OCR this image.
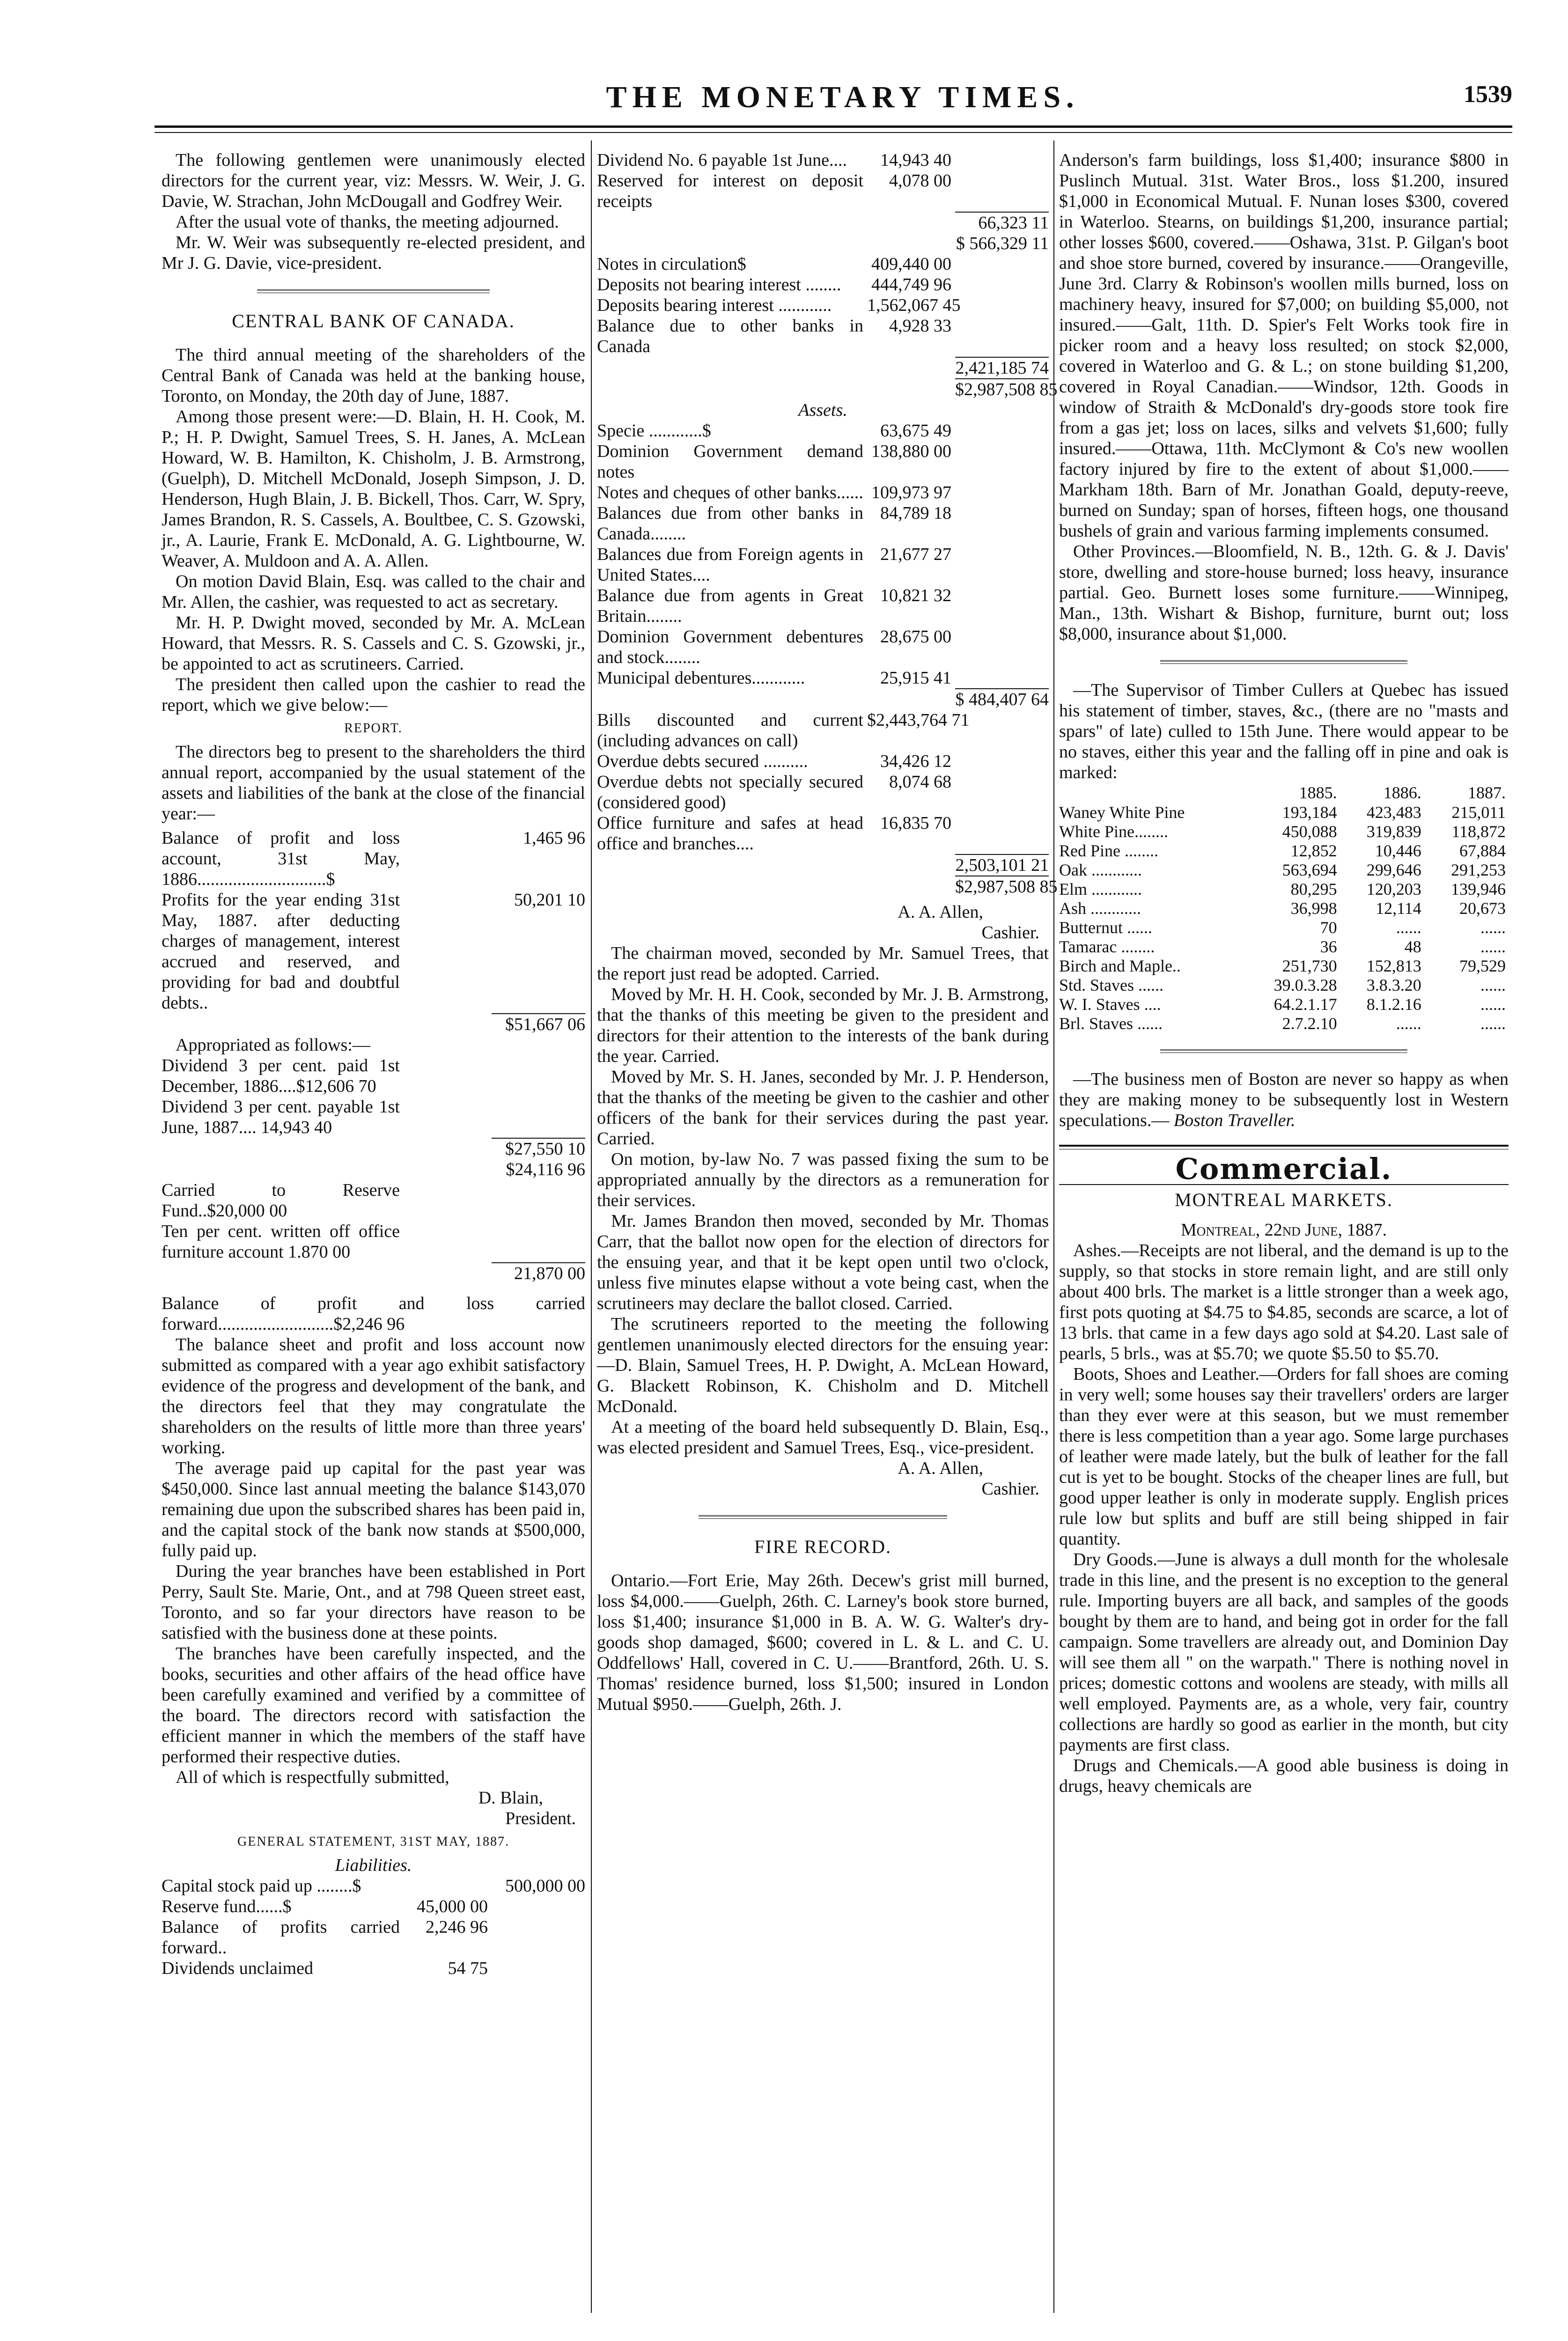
THE MONETARY TIMES.	1539

The following gentlemen were unanimously elected directors for the current year, viz: Messrs. W. Weir, J. G. Davie, W. Strachan, John McDougall and Godfrey Weir.

After the usual vote of thanks, the meeting adjourned.

Mr. W. Weir was subsequently re-elected president, and Mr J. G. Davie, vice-president.

CENTRAL BANK OF CANADA.

The third annual meeting of the shareholders of the Central Bank of Canada was held at the banking house, Toronto, on Monday, the 20th day of June, 1887.

Among those present were:—D. Blain, H. H. Cook, M. P.; H. P. Dwight, Samuel Trees, S. H. Janes, A. McLean Howard, W. B. Hamilton, K. Chisholm, J. B. Armstrong, (Guelph), D. Mitchell McDonald, Joseph Simpson, J. D. Henderson, Hugh Blain, J. B. Bickell, Thos. Carr, W. Spry, James Brandon, R. S. Cassels, A. Boultbee, C. S. Gzowski, jr., A. Laurie, Frank E. McDonald, A. G. Lightbourne, W. Weaver, A. Muldoon and A. A. Allen.

On motion David Blain, Esq. was called to the chair and Mr. Allen, the cashier, was requested to act as secretary.

Mr. H. P. Dwight moved, seconded by Mr. A. McLean Howard, that Messrs. R. S. Cassels and C. S. Gzowski, jr., be appointed to act as scrutineers. Carried.

The president then called upon the cashier to read the report, which we give below:—

REPORT.

The directors beg to present to the shareholders the third annual report, accompanied by the usual statement of the assets and liabilities of the bank at the close of the financial year:—

Balance of profit and loss account, 31st May, 1886.............................$
1,465 96
Profits for the year ending 31st May, 1887. after deducting charges of management, interest accrued and reserved, and providing for bad and doubtful debts..
50,201 10
$51,667 06

Appropriated as follows:—

Dividend 3 per cent. paid 1st December, 1886....$12,606 70
Dividend 3 per cent. payable 1st June, 1887.... 14,943 40
$27,550 10
$24,116 96
Carried to Reserve Fund..$20,000 00
Ten per cent. written off office furniture account 1.870 00
21,870 00

Balance of profit and loss carried forward..........................$2,246 96

The balance sheet and profit and loss account now submitted as compared with a year ago exhibit satisfactory evidence of the progress and development of the bank, and the directors feel that they may congratulate the shareholders on the results of little more than three years' working.

The average paid up capital for the past year was $450,000. Since last annual meeting the balance $143,070 remaining due upon the subscribed shares has been paid in, and the capital stock of the bank now stands at $500,000, fully paid up.

During the year branches have been established in Port Perry, Sault Ste. Marie, Ont., and at 798 Queen street east, Toronto, and so far your directors have reason to be satisfied with the business done at these points.

The branches have been carefully inspected, and the books, securities and other affairs of the head office have been carefully examined and verified by a committee of the board. The directors record with satisfaction the efficient manner in which the members of the staff have performed their respective duties.

All of which is respectfully submitted,

D. Blain,
President.
GENERAL STATEMENT, 31ST MAY, 1887.
Liabilities.
Capital stock paid up ........$	500,000 00
Reserve fund......$	45,000 00
Balance of profits carried forward..
2,246 96
Dividends unclaimed	54 75
Dividend No. 6 payable 1st June....	14,943 40
Reserved for interest on deposit receipts
4,078 00
66,323 11
$ 566,329 11
Notes in circulation$	409,440 00
Deposits not bearing interest ........	444,749 96
Deposits bearing interest ............	1,562,067 45
Balance due to other banks in Canada
4,928 33
2,421,185 74
$2,987,508 85
Assets.
Specie ............$	63,675 49
Dominion Government demand notes
138,880 00
Notes and cheques of other banks...... 109,973 97
Balances due from other banks in Canada........
84,789 18
Balances due from Foreign agents in United States....
21,677 27
Balance due from agents in Great Britain........
10,821 32
Dominion Government debentures and stock........
28,675 00
Municipal debentures............	25,915 41
$ 484,407 64
Bills discounted and current (including advances on call)
$2,443,764 71
Overdue debts secured ..........	34,426 12
Overdue debts not specially secured (considered good)
8,074 68
Office furniture and safes at head office and branches....
16,835 70
2,503,101 21
$2,987,508 85
A. A. Allen,
Cashier.

The chairman moved, seconded by Mr. Samuel Trees, that the report just read be adopted. Carried.

Moved by Mr. H. H. Cook, seconded by Mr. J. B. Armstrong, that the thanks of this meeting be given to the president and directors for their attention to the interests of the bank during the year. Carried.

Moved by Mr. S. H. Janes, seconded by Mr. J. P. Henderson, that the thanks of the meeting be given to the cashier and other officers of the bank for their services during the past year. Carried.

On motion, by-law No. 7 was passed fixing the sum to be appropriated annually by the directors as a remuneration for their services.

Mr. James Brandon then moved, seconded by Mr. Thomas Carr, that the ballot now open for the election of directors for the ensuing year, and that it be kept open until two o'clock, unless five minutes elapse without a vote being cast, when the scrutineers may declare the ballot closed. Carried.

The scrutineers reported to the meeting the following gentlemen unanimously elected directors for the ensuing year:—D. Blain, Samuel Trees, H. P. Dwight, A. McLean Howard, G. Blackett Robinson, K. Chisholm and D. Mitchell McDonald.

At a meeting of the board held subsequently D. Blain, Esq., was elected president and Samuel Trees, Esq., vice-president.

A. A. Allen,
Cashier.
FIRE RECORD.

Ontario.—Fort Erie, May 26th. Decew's grist mill burned, loss $4,000.——Guelph, 26th. C. Larney's book store burned, loss $1,400; insurance $1,000 in B. A. W. G. Walter's dry-goods shop damaged, $600; covered in L. & L. and C. U. Oddfellows' Hall, covered in C. U.——Brantford, 26th. U. S. Thomas' residence burned, loss $1,500; insured in London Mutual $950.——Guelph, 26th. J.

Anderson's farm buildings, loss $1,400; insurance $800 in Puslinch Mutual. 31st. Water Bros., loss $1.200, insured $1,000 in Economical Mutual. F. Nunan loses $300, covered in Waterloo. Stearns, on buildings $1,200, insurance partial; other losses $600, covered.——Oshawa, 31st. P. Gilgan's boot and shoe store burned, covered by insurance.——Orangeville, June 3rd. Clarry & Robinson's woollen mills burned, loss on machinery heavy, insured for $7,000; on building $5,000, not insured.——Galt, 11th. D. Spier's Felt Works took fire in picker room and a heavy loss resulted; on stock $2,000, covered in Waterloo and G. & L.; on stone building $1,200, covered in Royal Canadian.——Windsor, 12th. Goods in window of Straith & McDonald's dry-goods store took fire from a gas jet; loss on laces, silks and velvets $1,600; fully insured.——Ottawa, 11th. McClymont & Co's new woollen factory injured by fire to the extent of about $1,000.——Markham 18th. Barn of Mr. Jonathan Goald, deputy-reeve, burned on Sunday; span of horses, fifteen hogs, one thousand bushels of grain and various farming implements consumed.

Other Provinces.—Bloomfield, N. B., 12th. G. & J. Davis' store, dwelling and store-house burned; loss heavy, insurance partial. Geo. Burnett loses some furniture.——Winnipeg, Man., 13th. Wishart & Bishop, furniture, burnt out; loss $8,000, insurance about $1,000.

—The Supervisor of Timber Cullers at Quebec has issued his statement of timber, staves, &c., (there are no "masts and spars" of late) culled to 15th June. There would appear to be no staves, either this year and the falling off in pine and oak is marked:

	1885.	1886.	1887.
Waney White Pine	193,184	423,483	215,011
White Pine........	450,088	319,839	118,872
Red Pine ........	12,852	10,446	67,884
Oak ............	563,694	299,646	291,253
Elm ............	80,295	120,203	139,946
Ash ............	36,998	12,114	20,673
Butternut ......	70	......	......
Tamarac ........	36	48	......
Birch and Maple..	251,730	152,813	79,529
Std. Staves ......	39.0.3.28	3.8.3.20	......
W. I. Staves ....	64.2.1.17	8.1.2.16	......
Brl. Staves ......	2.7.2.10	......	......

—The business men of Boston are never so happy as when they are making money to be subsequently lost in Western speculations.— Boston Traveller.

Commercial.
MONTREAL MARKETS.
Montreal, 22nd June, 1887.

Ashes.—Receipts are not liberal, and the demand is up to the supply, so that stocks in store remain light, and are still only about 400 brls. The market is a little stronger than a week ago, first pots quoting at $4.75 to $4.85, seconds are scarce, a lot of 13 brls. that came in a few days ago sold at $4.20. Last sale of pearls, 5 brls., was at $5.70; we quote $5.50 to $5.70.

Boots, Shoes and Leather.—Orders for fall shoes are coming in very well; some houses say their travellers' orders are larger than they ever were at this season, but we must remember there is less competition than a year ago. Some large purchases of leather were made lately, but the bulk of leather for the fall cut is yet to be bought. Stocks of the cheaper lines are full, but good upper leather is only in moderate supply. English prices rule low but splits and buff are still being shipped in fair quantity.

Dry Goods.—June is always a dull month for the wholesale trade in this line, and the present is no exception to the general rule. Importing buyers are all back, and samples of the goods bought by them are to hand, and being got in order for the fall campaign. Some travellers are already out, and Dominion Day will see them all " on the warpath." There is nothing novel in prices; domestic cottons and woolens are steady, with mills all well employed. Payments are, as a whole, very fair, country collections are hardly so good as earlier in the month, but city payments are first class.

Drugs and Chemicals.—A good able business is doing in drugs, heavy chemicals are
